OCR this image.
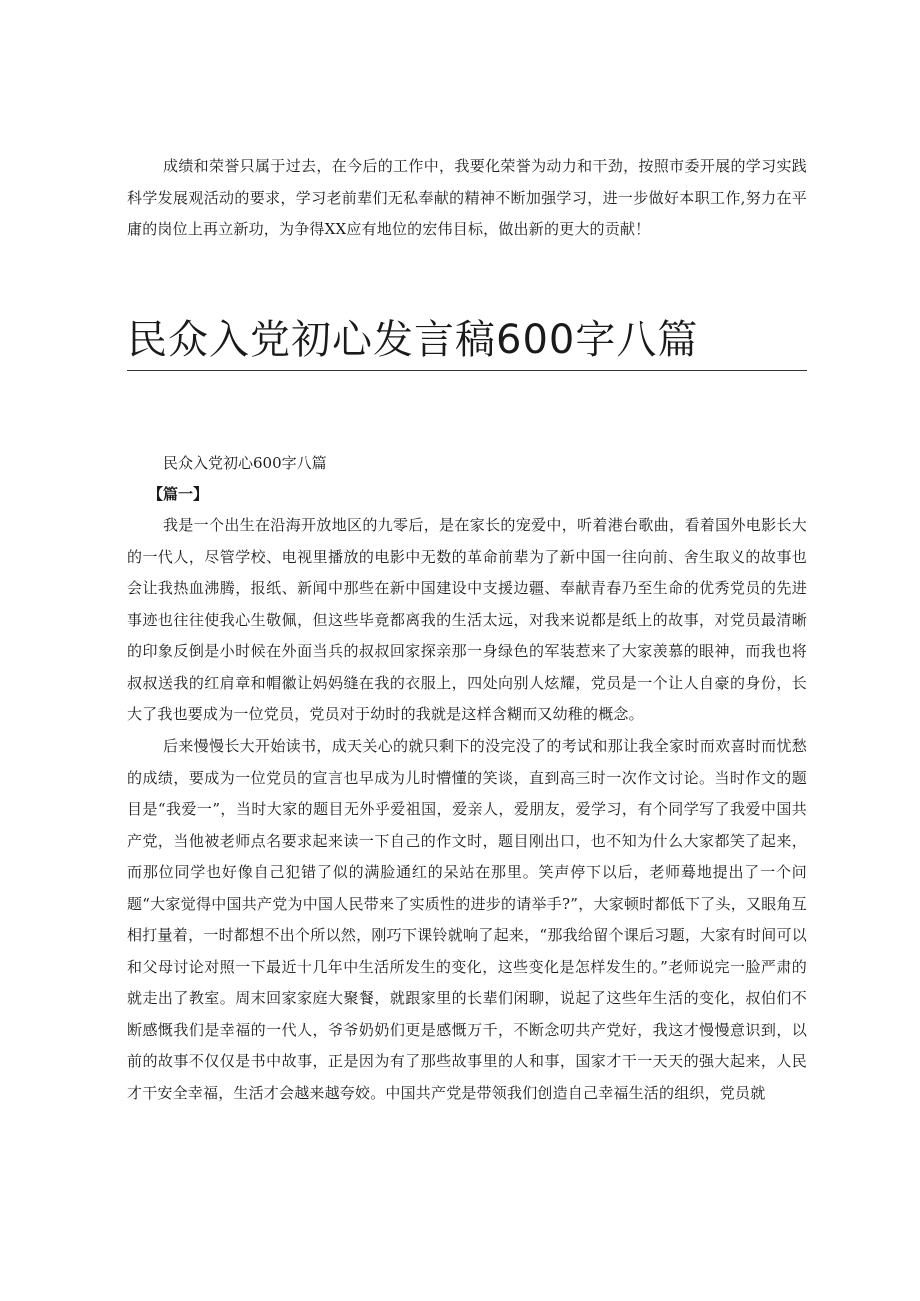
成绩和荣誉只属于过去，在今后的工作中，我要化荣誉为动力和干劲，按照市委开展的学习实践科学发展观活动的要求，学习老前辈们无私奉献的精神不断加强学习，进一步做好本职工作,努力在平庸的岗位上再立新功，为争得XX应有地位的宏伟目标，做出新的更大的贡献！

民众入党初心发言稿600字八篇

民众入党初心600字八篇

【篇一】

我是一个出生在沿海开放地区的九零后，是在家长的宠爱中，听着港台歌曲，看着国外电影长大的一代人，尽管学校、电视里播放的电影中无数的革命前辈为了新中国一往向前、舍生取义的故事也会让我热血沸腾，报纸、新闻中那些在新中国建设中支援边疆、奉献青春乃至生命的优秀党员的先进事迹也往往使我心生敬佩，但这些毕竟都离我的生活太远，对我来说都是纸上的故事，对党员最清晰的印象反倒是小时候在外面当兵的叔叔回家探亲那一身绿色的军装惹来了大家羡慕的眼神，而我也将叔叔送我的红肩章和帽徽让妈妈缝在我的衣服上，四处向别人炫耀，党员是一个让人自豪的身份，长大了我也要成为一位党员，党员对于幼时的我就是这样含糊而又幼稚的概念。

后来慢慢长大开始读书，成天关心的就只剩下的没完没了的考试和那让我全家时而欢喜时而忧愁的成绩，要成为一位党员的宣言也早成为儿时懵懂的笑谈，直到高三时一次作文讨论。当时作文的题目是“我爱一”，当时大家的题目无外乎爱祖国，爱亲人，爱朋友，爱学习，有个同学写了我爱中国共产党，当他被老师点名要求起来读一下自己的作文时，题目刚出口，也不知为什么大家都笑了起来，而那位同学也好像自己犯错了似的满脸通红的呆站在那里。笑声停下以后，老师蓦地提出了一个问题“大家觉得中国共产党为中国人民带来了实质性的进步的请举手?”，大家顿时都低下了头，又眼角互相打量着，一时都想不出个所以然，刚巧下课铃就响了起来，“那我给留个课后习题，大家有时间可以和父母讨论对照一下最近十几年中生活所发生的变化，这些变化是怎样发生的。”老师说完一脸严肃的就走出了教室。周末回家家庭大聚餐，就跟家里的长辈们闲聊，说起了这些年生活的变化，叔伯们不断感慨我们是幸福的一代人，爷爷奶奶们更是感慨万千，不断念叨共产党好，我这才慢慢意识到，以前的故事不仅仅是书中故事，正是因为有了那些故事里的人和事，国家才干一天天的强大起来，人民才干安全幸福，生活才会越来越夸姣。中国共产党是带领我们创造自己幸福生活的组织，党员就
